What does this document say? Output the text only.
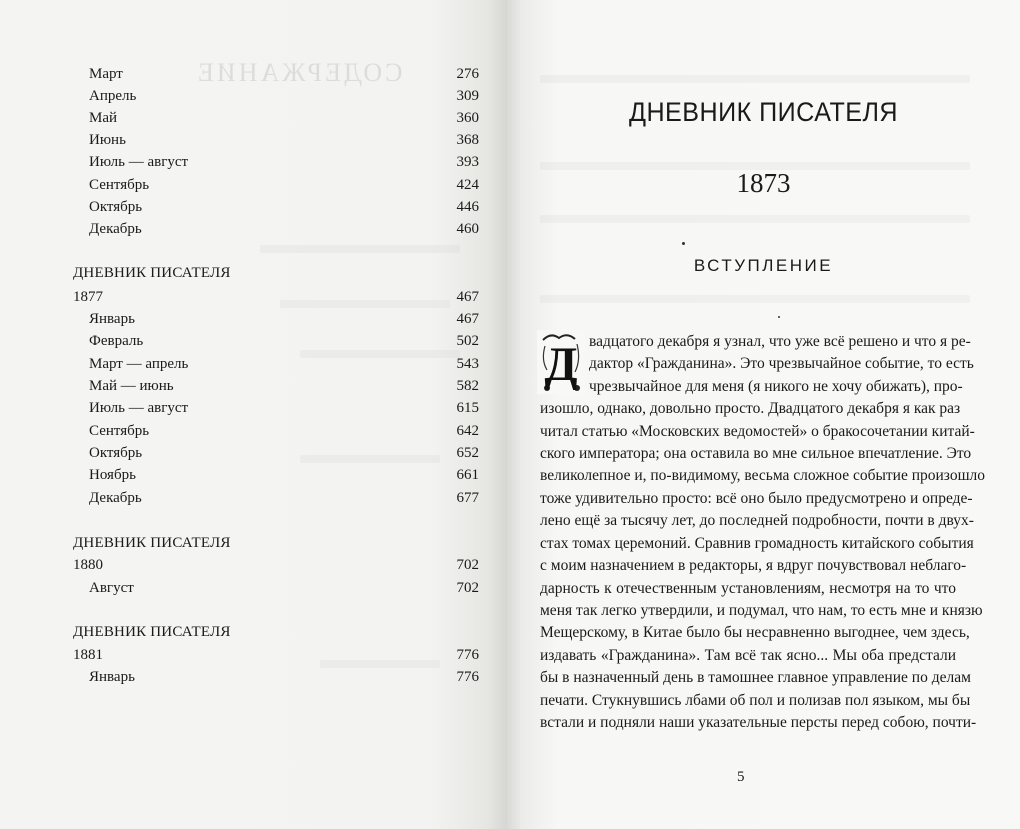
СОДЕРЖАНИЕ
Март	276
Апрель	309
Май	360
Июнь	368
Июль — август	393
Сентябрь	424
Октябрь	446
Декабрь	460
ДНЕВНИК ПИСАТЕЛЯ
1877	467
Январь	467
Февраль	502
Март — апрель	543
Май — июнь	582
Июль — август	615
Сентябрь	642
Октябрь	652
Ноябрь	661
Декабрь	677
ДНЕВНИК ПИСАТЕЛЯ
1880	702
Август	702
ДНЕВНИК ПИСАТЕЛЯ
1881	776
Январь	776
ДНЕВНИК ПИСАТЕЛЯ
1873
ВСТУПЛЕНИЕ
Д вадцатого декабря я узнал, что уже всё решено и что я ре-
дактор «Гражданина». Это чрезвычайное событие, то есть
чрезвычайное для меня (я никого не хочу обижать), про-
изошло, однако, довольно просто. Двадцатого декабря я как раз
читал статью «Московских ведомостей» о бракосочетании китай-
ского императора; она оставила во мне сильное впечатление. Это
великолепное и, по-видимому, весьма сложное событие произошло
тоже удивительно просто: всё оно было предусмотрено и опреде-
лено ещё за тысячу лет, до последней подробности, почти в двух-
стах томах церемоний. Сравнив громадность китайского события
с моим назначением в редакторы, я вдруг почувствовал неблаго-
дарность к отечественным установлениям, несмотря на то что
меня так легко утвердили, и подумал, что нам, то есть мне и князю
Мещерскому, в Китае было бы несравненно выгоднее, чем здесь,
издавать «Гражданина». Там всё так ясно... Мы оба предстали
бы в назначенный день в тамошнее главное управление по делам
печати. Стукнувшись лбами об пол и полизав пол языком, мы бы
встали и подняли наши указательные персты перед собою, почти-
5
